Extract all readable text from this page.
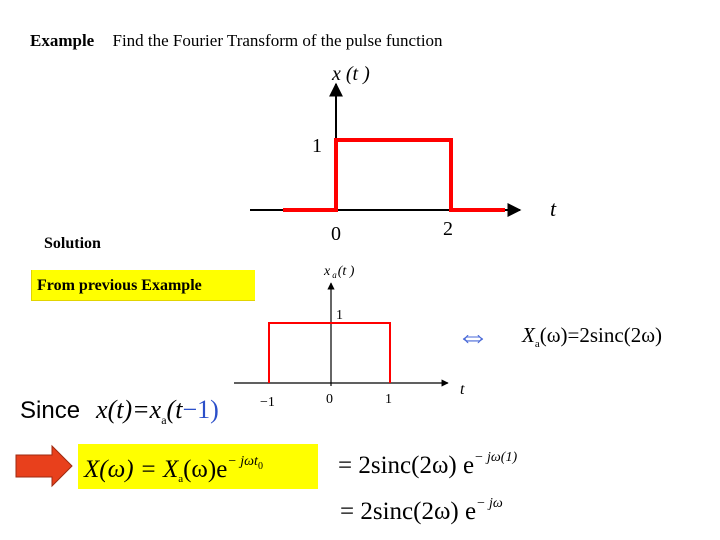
Example Find the Fourier Transform of the pulse function
Solution
From previous Example
x (t )
t
1
0	2
x $_a$(t )
t
1
−1	0	1
⇔ $X_a(\omega)=2\sin c(2\omega)$
Since $x(t)=x_a(t-1)$
$X(\omega) = X_a(\omega)e^{- j\omega t}0$	= 2sinc(2ω) $e^{- j\omega(1)}$
= 2sinc(2ω) $e^{- j\omega}$
